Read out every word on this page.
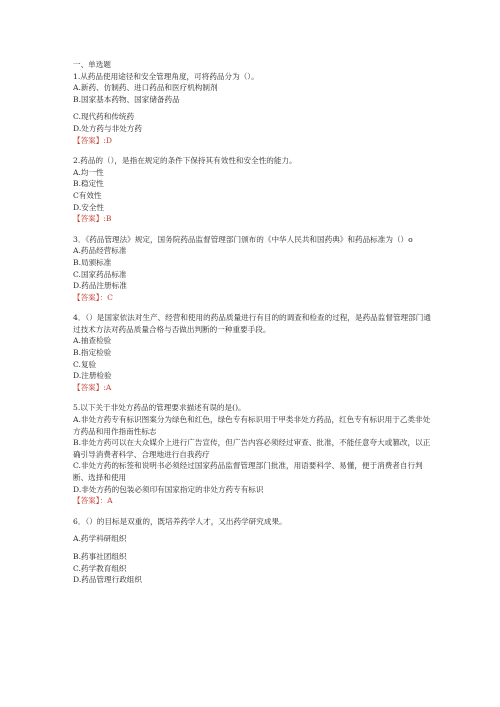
一、单选题
1.从药品使用途径和安全管理角度，可将药品分为（）。
A.新药、仿制药、进口药品和医疗机构制剂
B.国家基本药物、国家储备药品
C.现代药和传统药
D.处方药与非处方药
【答案】:D
2.药品的（），是指在规定的条件下保持其有效性和安全性的能力。
A.均一性
B.稳定性
C有效性
D.安全性
【答案】:B
3．《药品管理法》规定，国务院药品监督管理部门颁布的《中华人民共和国药典》和药品标准为（）o
A.药品经营标准
B.局颁标准
C.国家药品标准
D.药品注册标准
【答案】：C
4．（）是国家依法对生产、经营和使用的药品质量进行有目的的调查和检查的过程，是药品监督管理部门通过技术方法对药品质量合格与否做出判断的一种重要手段。
A.抽查检验
B.指定检验
C.复验
D.注册检验
【答案】:A
5.以下关于非处方药品的管理要求描述有误的是()。
A.非处方药专有标识图案分为绿色和红色，绿色专有标识用于甲类非处方药品，红色专有标识用于乙类非处方药品和用作指南性标志
B.非处方药可以在大众媒介上进行广告宣传，但广告内容必须经过审查、批准，不能任意夸大或篡改，以正确引导消费者科学、合理地进行自我药疗
C.非处方药的标签和说明书必须经过国家药品监督管理部门批准，用语要科学、易懂，便于消费者自行判断、选择和使用
D.非处方药的包装必须印有国家指定的非处方药专有标识
【答案】：A
6．（）的目标是双重的，既培养药学人才，又出药学研究成果。
A.药学科研组织
B.药事社团组织
C.药学教育组织
D.药品管理行政组织
